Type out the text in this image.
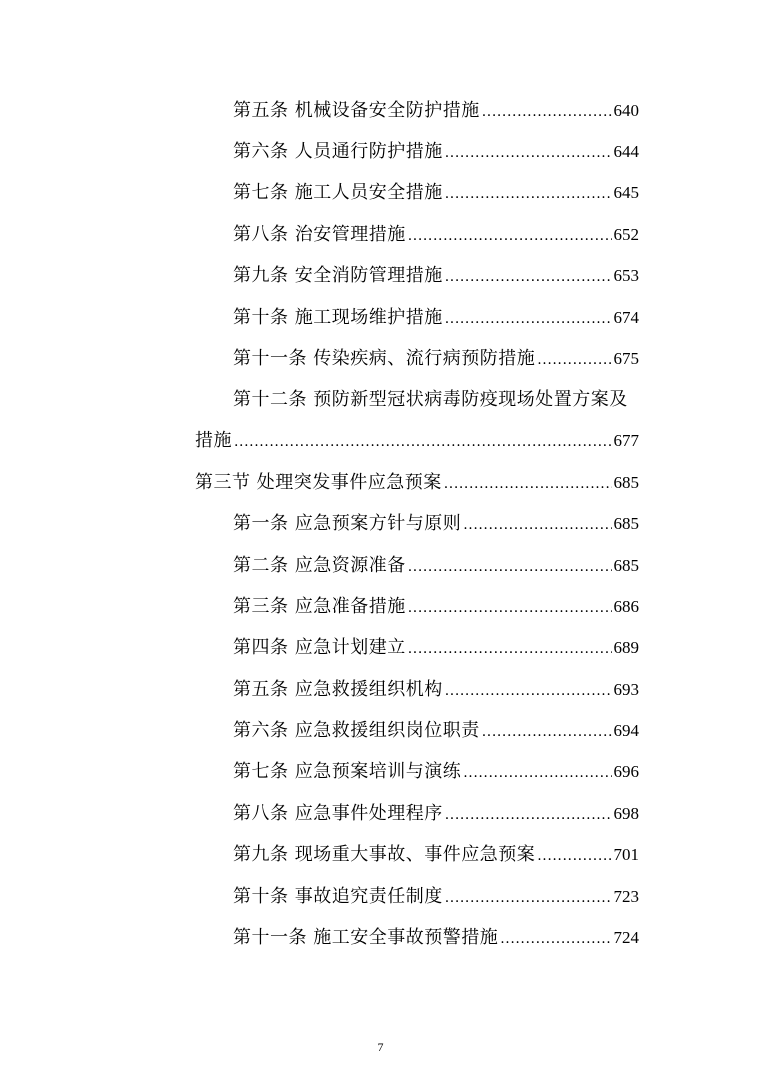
第五条 机械设备安全防护措施 .....	640
第六条 人员通行防护措施 .....	644
第七条 施工人员安全措施 .....	645
第八条 治安管理措施 .....	652
第九条 安全消防管理措施 .....	653
第十条 施工现场维护措施 .....	674
第十一条 传染疾病、流行病预防措施 .....	675
第十二条 预防新型冠状病毒防疫现场处置方案及
措施 .....	677
第三节 处理突发事件应急预案 .....	685
第一条 应急预案方针与原则 .....	685
第二条 应急资源准备 .....	685
第三条 应急准备措施 .....	686
第四条 应急计划建立 .....	689
第五条 应急救援组织机构 .....	693
第六条 应急救援组织岗位职责 .....	694
第七条 应急预案培训与演练 .....	696
第八条 应急事件处理程序 .....	698
第九条 现场重大事故、事件应急预案 .....	701
第十条 事故追究责任制度 .....	723
第十一条 施工安全事故预警措施 .....	724
7
